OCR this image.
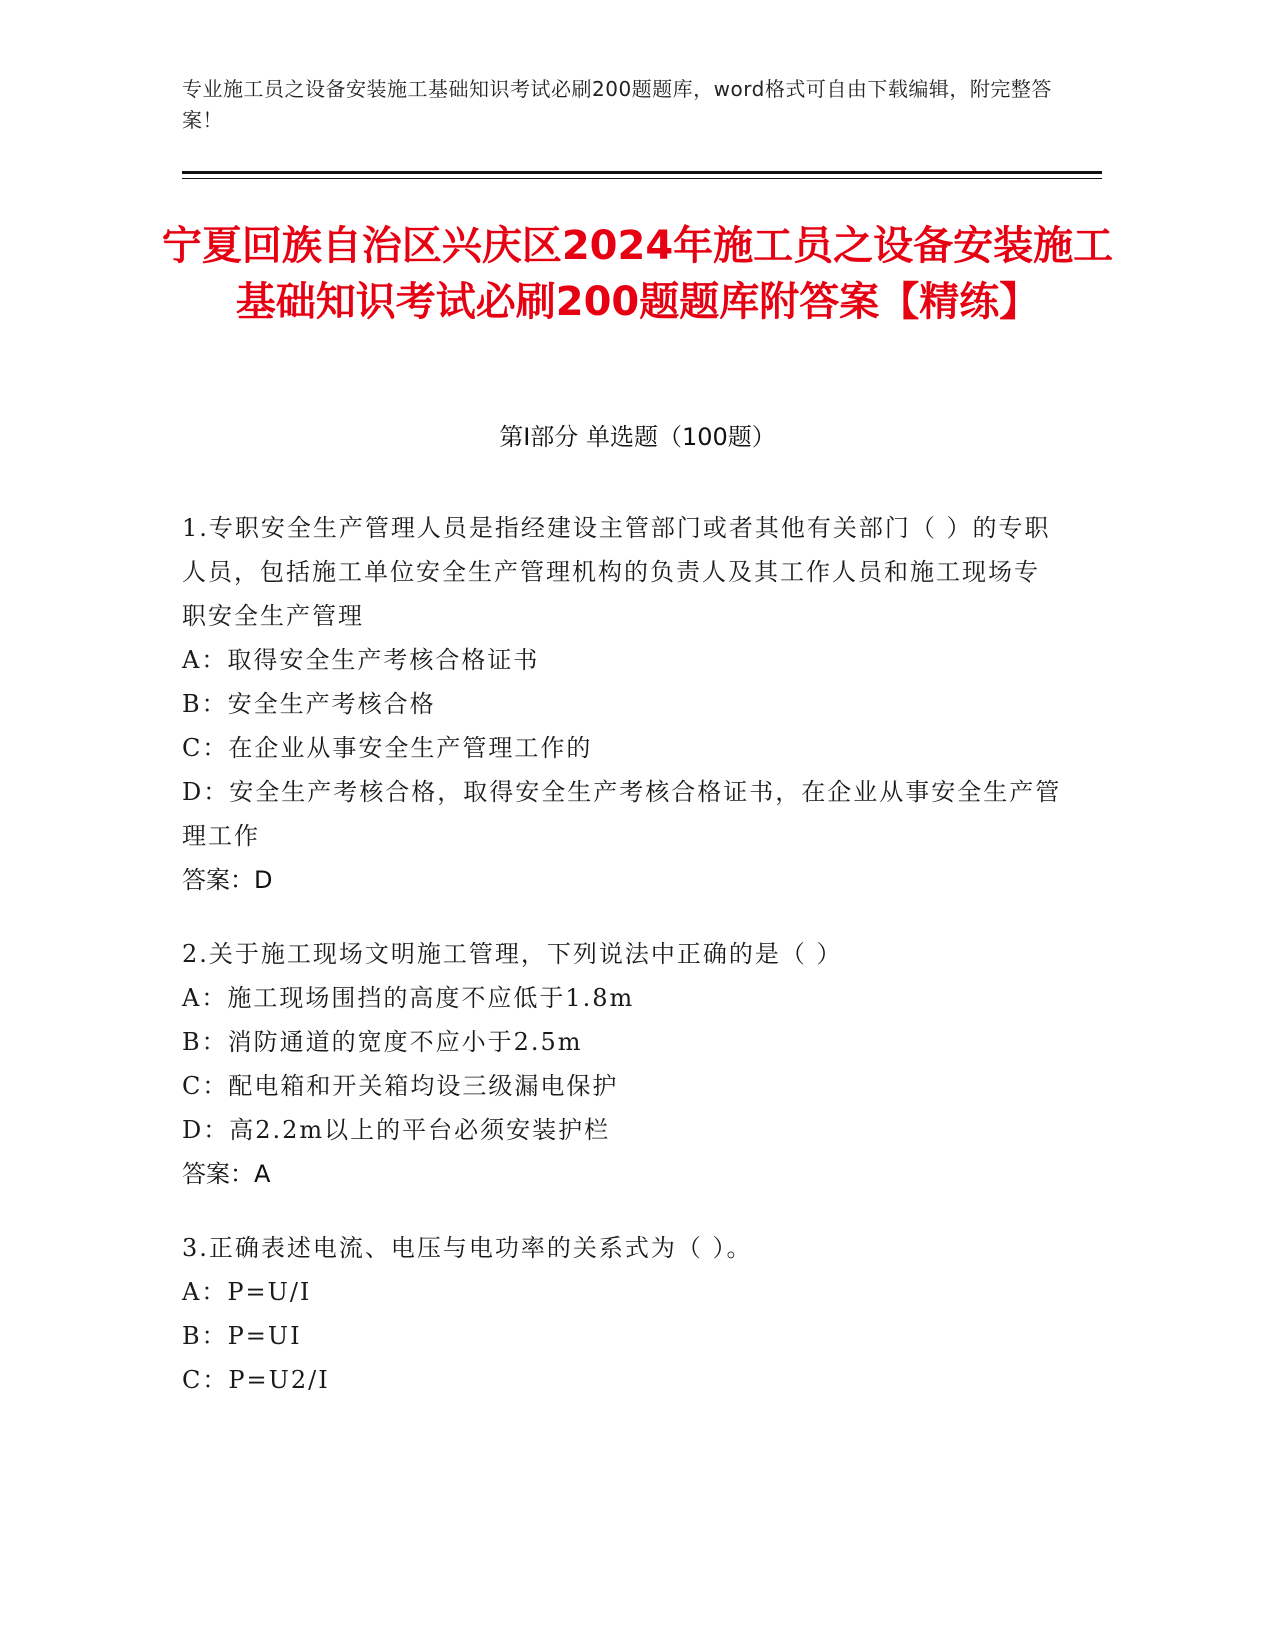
专业施工员之设备安装施工基础知识考试必刷200题题库，word格式可自由下载编辑，附完整答案！
宁夏回族自治区兴庆区2024年施工员之设备安装施工基础知识考试必刷200题题库附答案【精练】
第Ⅰ部分 单选题（100题）
1.专职安全生产管理人员是指经建设主管部门或者其他有关部门（ ）的专职人员，包括施工单位安全生产管理机构的负责人及其工作人员和施工现场专职安全生产管理
A：取得安全生产考核合格证书
B：安全生产考核合格
C：在企业从事安全生产管理工作的
D：安全生产考核合格，取得安全生产考核合格证书，在企业从事安全生产管理工作
答案：D
2.关于施工现场文明施工管理，下列说法中正确的是（ ）
A：施工现场围挡的高度不应低于1.8m
B：消防通道的宽度不应小于2.5m
C：配电箱和开关箱均设三级漏电保护
D：高2.2m以上的平台必须安装护栏
答案：A
3.正确表述电流、电压与电功率的关系式为（ ）。
A：P=U/I
B：P=UI
C：P=U2/I
